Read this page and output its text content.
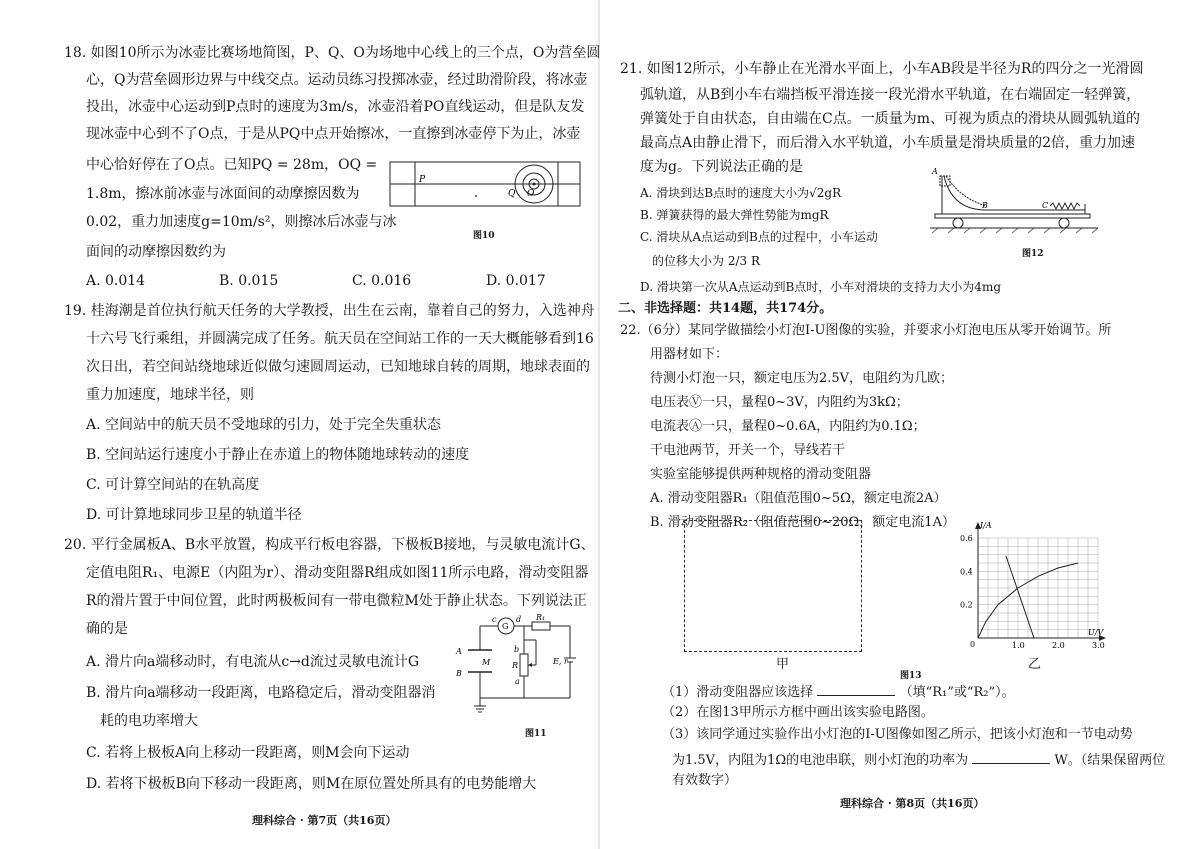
18. 如图10所示为冰壶比赛场地简图，P、Q、O为场地中心线上的三个点，O为营垒圆
心，Q为营垒圆形边界与中线交点。运动员练习投掷冰壶，经过助滑阶段，将冰壶
投出，冰壶中心运动到P点时的速度为3m/s，冰壶沿着PO直线运动，但是队友发
现冰壶中心到不了O点，于是从PQ中点开始擦冰，一直擦到冰壶停下为止，冰壶
中心恰好停在了O点。已知PQ = 28m，OQ =
1.8m，擦冰前冰壶与冰面间的动摩擦因数为
0.02，重力加速度g=10m/s²，则擦冰后冰壶与冰
面间的动摩擦因数约为
P
Q O
图10
A. 0.014	B. 0.015	C. 0.016	D. 0.017
19. 桂海潮是首位执行航天任务的大学教授，出生在云南，靠着自己的努力，入选神舟
十六号飞行乘组，并圆满完成了任务。航天员在空间站工作的一天大概能够看到16
次日出，若空间站绕地球近似做匀速圆周运动，已知地球自转的周期，地球表面的
重力加速度，地球半径，则
A. 空间站中的航天员不受地球的引力，处于完全失重状态
B. 空间站运行速度小于静止在赤道上的物体随地球转动的速度
C. 可计算空间站的在轨高度
D. 可计算地球同步卫星的轨道半径
20. 平行金属板A、B水平放置，构成平行板电容器，下极板B接地，与灵敏电流计G、
定值电阻R₁、电源E（内阻为r）、滑动变阻器R组成如图11所示电路，滑动变阻器
R的滑片置于中间位置，此时两极板间有一带电微粒M处于静止状态。下列说法正
确的是
c
G
d R₁
A
M
B
b
R
a
E, r
图11
A. 滑片向a端移动时，有电流从c→d流过灵敏电流计G
B. 滑片向a端移动一段距离，电路稳定后，滑动变阻器消
耗的电功率增大
C. 若将上极板A向上移动一段距离，则M会向下运动
D. 若将下极板B向下移动一段距离，则M在原位置处所具有的电势能增大
理科综合 · 第7页（共16页）
21. 如图12所示，小车静止在光滑水平面上，小车AB段是半径为R的四分之一光滑圆
弧轨道，从B到小车右端挡板平滑连接一段光滑水平轨道，在右端固定一轻弹簧，
弹簧处于自由状态，自由端在C点。一质量为m、可视为质点的滑块从圆弧轨道的
最高点A由静止滑下，而后滑入水平轨道，小车质量是滑块质量的2倍，重力加速
度为g。下列说法正确的是
A. 滑块到达B点时的速度大小为√2gR
B. 弹簧获得的最大弹性势能为mgR
C. 滑块从A点运动到B点的过程中，小车运动
的位移大小为 2/3 R
D. 滑块第一次从A点运动到B点时，小车对滑块的支持力大小为4mg
A
B	C
图12
二、非选择题：共14题，共174分。
22.（6分）某同学做描绘小灯泡I-U图像的实验，并要求小灯泡电压从零开始调节。所
用器材如下：
待测小灯泡一只，额定电压为2.5V，电阻约为几欧；
电压表Ⓥ一只，量程0~3V，内阻约为3kΩ；
电流表Ⓐ一只，量程0~0.6A，内阻约为0.1Ω；
干电池两节，开关一个，导线若干
实验室能够提供两种规格的滑动变阻器
A. 滑动变阻器R₁（阻值范围0~5Ω，额定电流2A）
B. 滑动变阻器R₂（阻值范围0~20Ω，额定电流1A）
甲
0.6
0.4
0.2
1.0	2.0	3.0
I/A
U/V
0
乙
图13
（1）滑动变阻器应该选择	（填“R₁”或“R₂”）。
（2）在图13甲所示方框中画出该实验电路图。
（3）该同学通过实验作出小灯泡的I-U图像如图乙所示，把该小灯泡和一节电动势
为1.5V，内阻为1Ω的电池串联，则小灯泡的功率为	W。（结果保留两位
有效数字）
理科综合 · 第8页（共16页）
